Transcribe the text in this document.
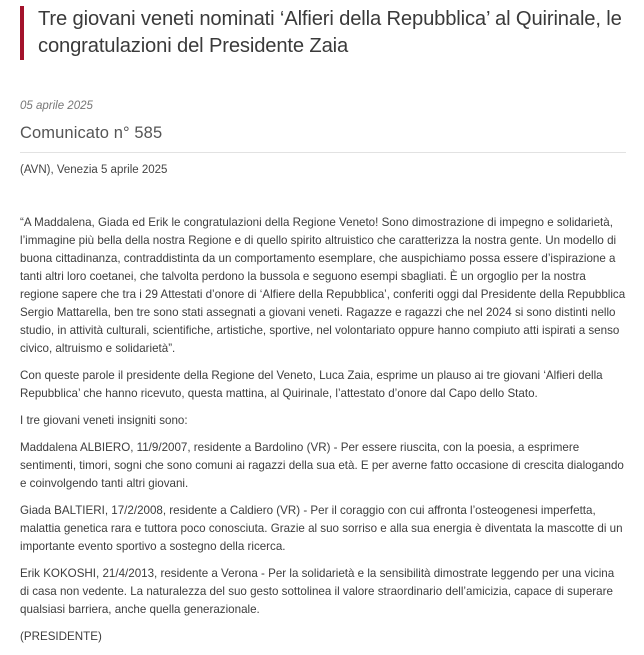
Tre giovani veneti nominati ‘Alfieri della Repubblica’ al Quirinale, le congratulazioni del Presidente Zaia
05 aprile 2025
Comunicato n° 585
(AVN), Venezia 5 aprile 2025

“A Maddalena, Giada ed Erik le congratulazioni della Regione Veneto! Sono dimostrazione di impegno e solidarietà, l’immagine più bella della nostra Regione e di quello spirito altruistico che caratterizza la nostra gente. Un modello di buona cittadinanza, contraddistinta da un comportamento esemplare, che auspichiamo possa essere d’ispirazione a tanti altri loro coetanei, che talvolta perdono la bussola e seguono esempi sbagliati. È un orgoglio per la nostra regione sapere che tra i 29 Attestati d’onore di ‘Alfiere della Repubblica’, conferiti oggi dal Presidente della Repubblica Sergio Mattarella, ben tre sono stati assegnati a giovani veneti. Ragazze e ragazzi che nel 2024 si sono distinti nello studio, in attività culturali, scientifiche, artistiche, sportive, nel volontariato oppure hanno compiuto atti ispirati a senso civico, altruismo e solidarietà”.

Con queste parole il presidente della Regione del Veneto, Luca Zaia, esprime un plauso ai tre giovani ‘Alfieri della Repubblica’ che hanno ricevuto, questa mattina, al Quirinale, l’attestato d’onore dal Capo dello Stato.

I tre giovani veneti insigniti sono:

Maddalena ALBIERO, 11/9/2007, residente a Bardolino (VR) - Per essere riuscita, con la poesia, a esprimere sentimenti, timori, sogni che sono comuni ai ragazzi della sua età. E per averne fatto occasione di crescita dialogando e coinvolgendo tanti altri giovani.

Giada BALTIERI, 17/2/2008, residente a Caldiero (VR) - Per il coraggio con cui affronta l’osteogenesi imperfetta, malattia genetica rara e tuttora poco conosciuta. Grazie al suo sorriso e alla sua energia è diventata la mascotte di un importante evento sportivo a sostegno della ricerca.

Erik KOKOSHI, 21/4/2013, residente a Verona - Per la solidarietà e la sensibilità dimostrate leggendo per una vicina di casa non vedente. La naturalezza del suo gesto sottolinea il valore straordinario dell’amicizia, capace di superare qualsiasi barriera, anche quella generazionale.

(PRESIDENTE)
